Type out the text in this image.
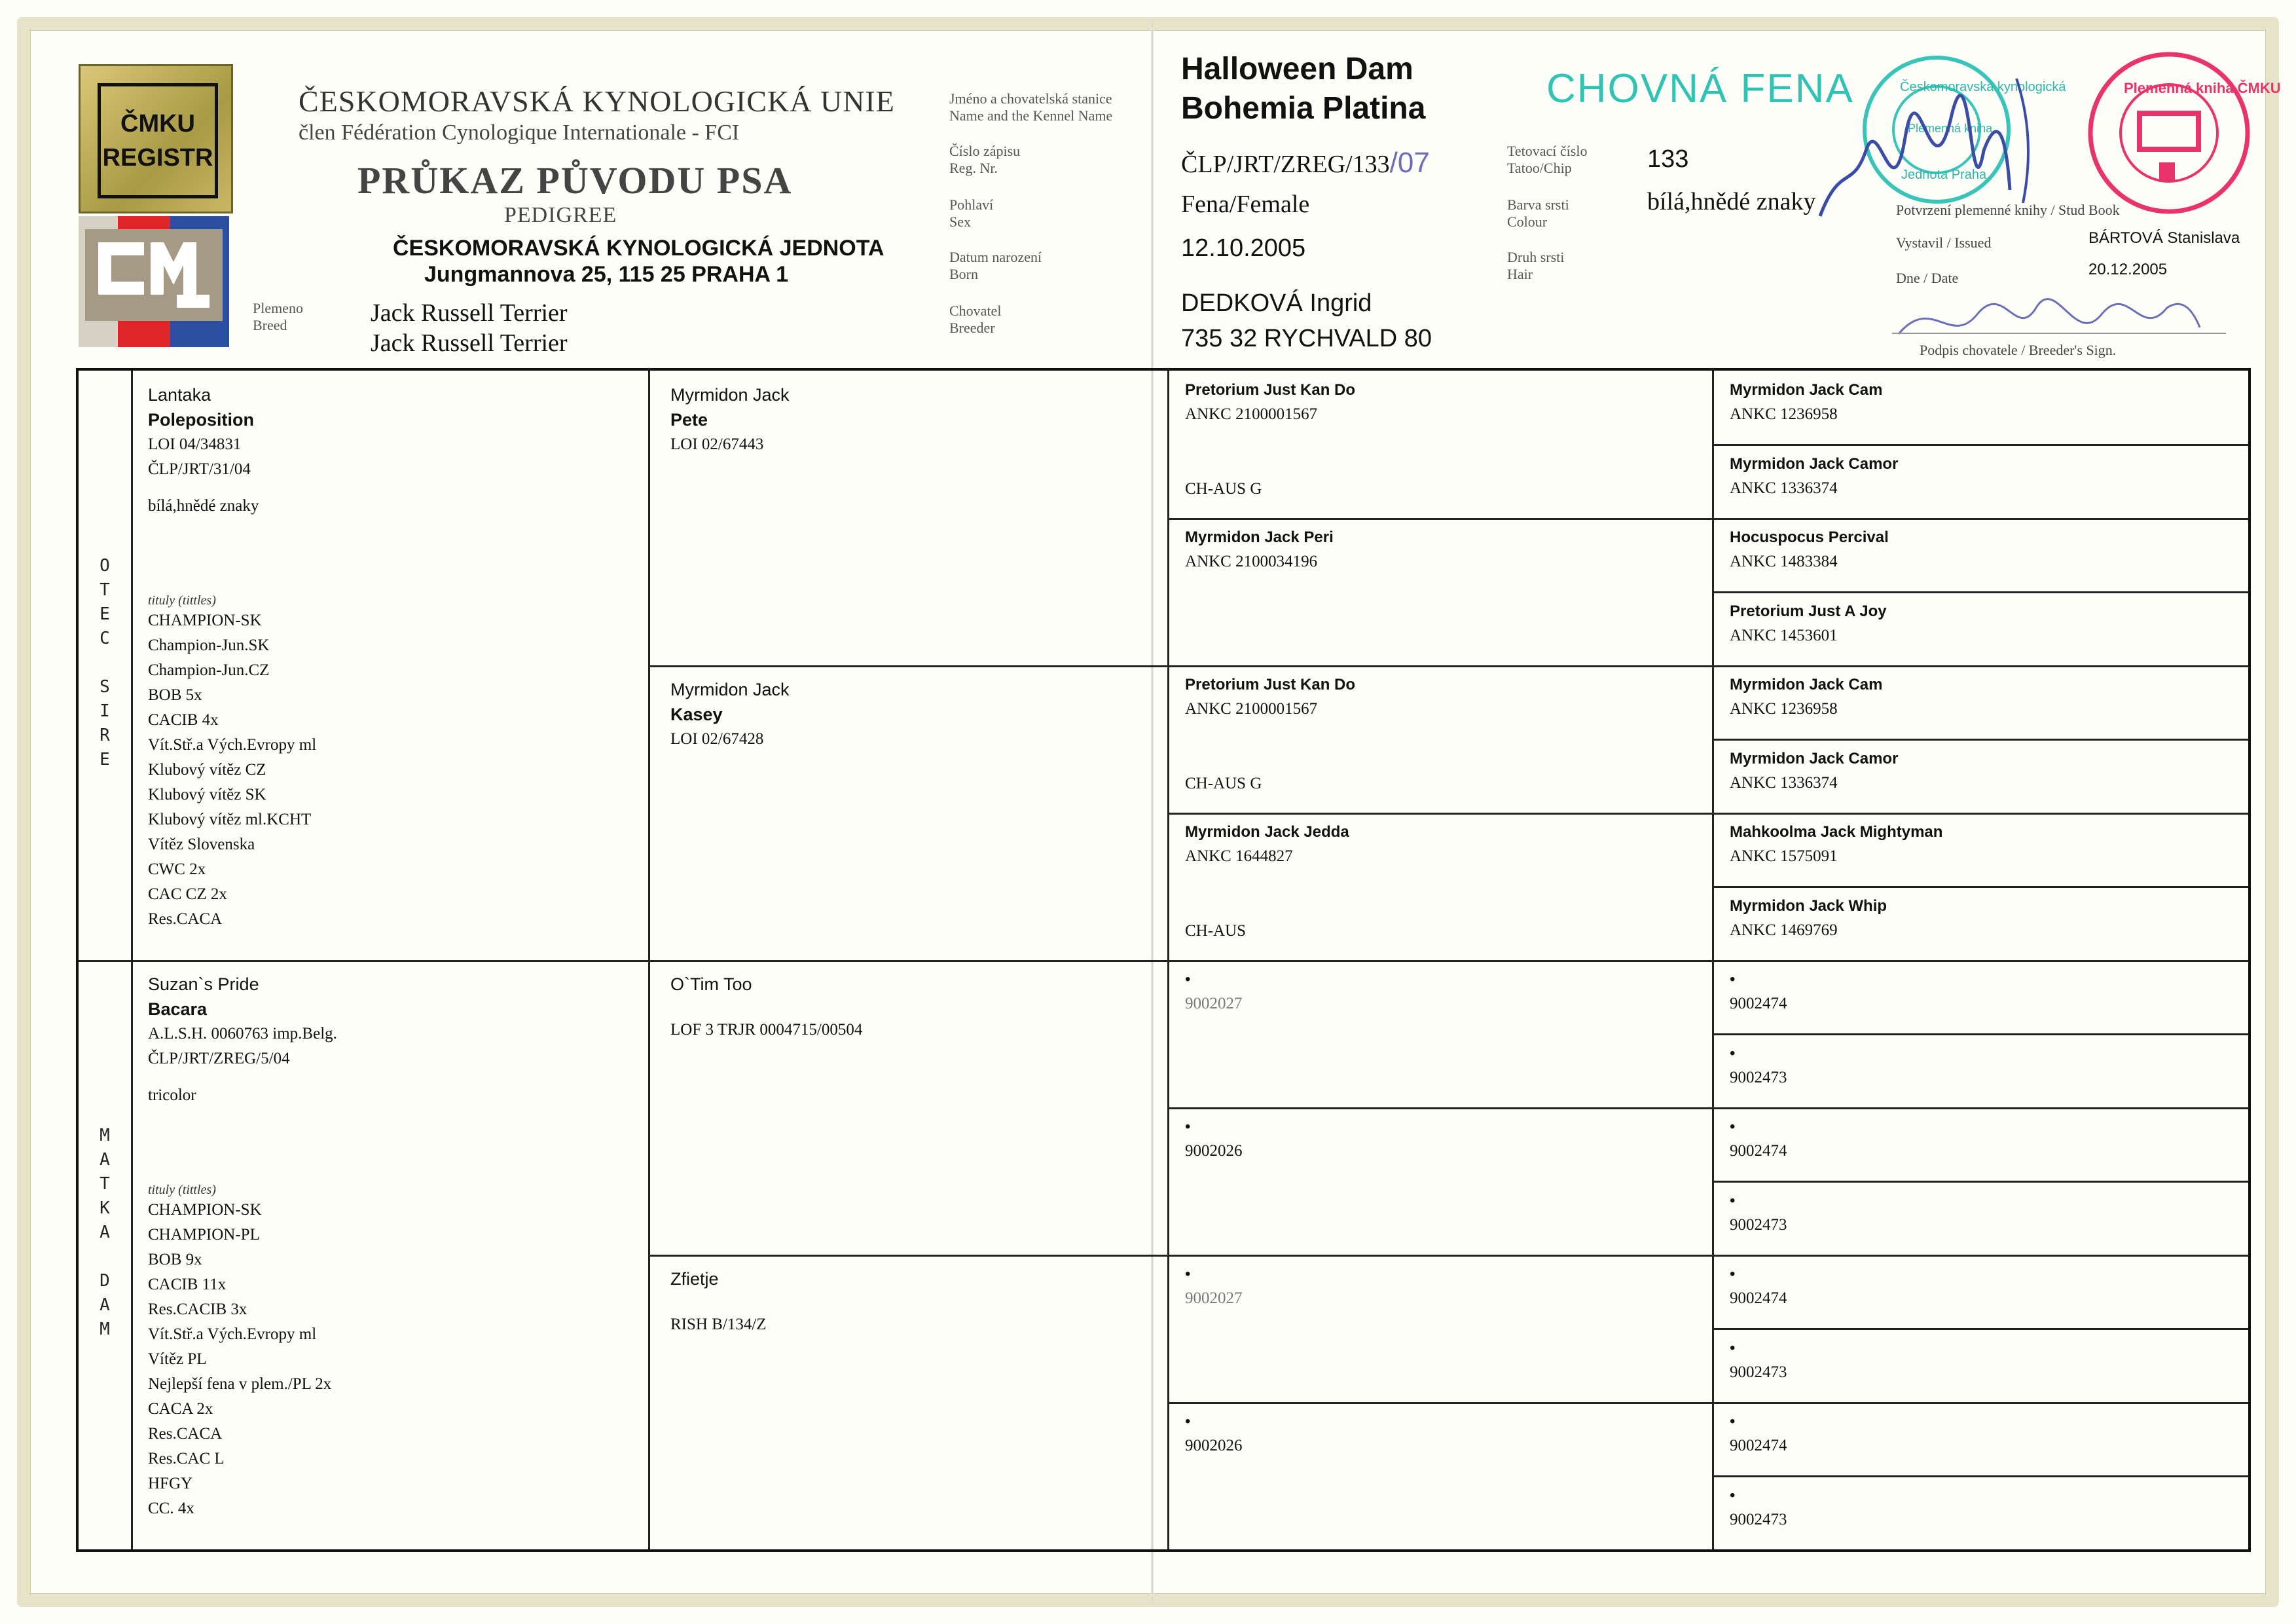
ČMKU
REGISTR
ČESKOMORAVSKÁ KYNOLOGICKÁ UNIE
člen Fédération Cynologique Internationale - FCI
PRŮKAZ PŮVODU PSA
PEDIGREE
ČESKOMORAVSKÁ KYNOLOGICKÁ JEDNOTA
Jungmannova 25, 115 25 PRAHA 1
Plemeno
Breed	Jack Russell Terrier
Jack Russell Terrier
Jméno a chovatelská stanice
Name and the Kennel Name
Číslo zápisu
Reg. Nr.
Pohlaví
Sex
Datum narození
Born
Chovatel
Breeder
Halloween Dam
Bohemia Platina
ČLP/JRT/ZREG/133/07
Fena/Female
12.10.2005
DEDKOVÁ Ingrid
735 32 RYCHVALD 80
Tetovací číslo
Tatoo/Chip
Barva srsti
Colour
Druh srsti
Hair
133
bílá,hnědé znaky
CHOVNÁ FENA	Českomoravská kynologická
Plemenná kniha
Jednota Praha
Plemenná kniha ČMKU
Potvrzení plemenné knihy / Stud Book
Vystavil / Issued
Dne / Date
BÁRTOVÁ Stanislava
20.12.2005
Podpis chovatele / Breeder's Sign.
O
T
E
C
S
I
R
E
M
A
T
K
A
D
A
M
Lantaka
Poleposition
LOI 04/34831
ČLP/JRT/31/04
bílá,hnědé znaky
tituly (tittles)
CHAMPION-SK
Champion-Jun.SK
Champion-Jun.CZ
BOB 5x
CACIB 4x
Vít.Stř.a Vých.Evropy ml
Klubový vítěz CZ
Klubový vítěz SK
Klubový vítěz ml.KCHT
Vítěz Slovenska
CWC 2x
CAC CZ 2x
Res.CACA
Suzan`s Pride
Bacara
A.L.S.H. 0060763 imp.Belg.
ČLP/JRT/ZREG/5/04
tricolor
tituly (tittles)
CHAMPION-SK
CHAMPION-PL
BOB 9x
CACIB 11x
Res.CACIB 3x
Vít.Stř.a Vých.Evropy ml
Vítěz PL
Nejlepší fena v plem./PL 2x
CACA 2x
Res.CACA
Res.CAC L
HFGY
CC. 4x
Myrmidon Jack
Pete
LOI 02/67443
Myrmidon Jack
Kasey
LOI 02/67428
O`Tim Too
LOF 3 TRJR 0004715/00504
Zfietje
RISH B/134/Z
Pretorium Just Kan Do
ANKC 2100001567
CH-AUS G
Myrmidon Jack Peri
ANKC 2100034196
Pretorium Just Kan Do
ANKC 2100001567
CH-AUS G
Myrmidon Jack Jedda
ANKC 1644827
CH-AUS
•
9002027
•
9002026
•
9002027
•
9002026
Myrmidon Jack Cam
ANKC 1236958
Myrmidon Jack Camor
ANKC 1336374
Hocuspocus Percival
ANKC 1483384
Pretorium Just A Joy
ANKC 1453601
Myrmidon Jack Cam
ANKC 1236958
Myrmidon Jack Camor
ANKC 1336374
Mahkoolma Jack Mightyman
ANKC 1575091
Myrmidon Jack Whip
ANKC 1469769
•
9002474
•
9002473
•
9002474
•
9002473
•
9002474
•
9002473
•
9002474
•
9002473
